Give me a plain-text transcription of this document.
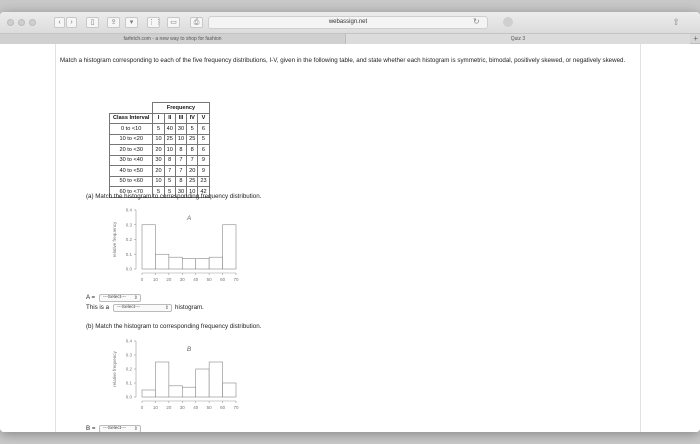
‹	›	▯	⇪	▾	⋮⋮	▭	⎙	webassign.net	↻	⇧
farfetch.com - a new way to shop for fashion	Quiz 3	+
Match a histogram corresponding to each of the five frequency distributions, I-V, given in the following table, and state whether each histogram is symmetric, bimodal, positively skewed, or negatively skewed.
	Frequency				
Class Interval	I	II	III	IV	V
0 to <10	5	40	30	5	6
10 to <20	10	25	10	25	5
20 to <30	20	10	8	8	6
30 to <40	30	8	7	7	9
40 to <50	20	7	7	20	9
50 to <60	10	5	8	25	23
60 to <70	5	5	30	10	42
(a) Match the histogram to corresponding frequency distribution.
0.0
0.1
0.2
0.3
0.4
relative frequency
0 10 20 30 40 50 60 70
A
A =	---Select--- ⇕
This is a	---Select---	⇕ histogram.
(b) Match the histogram to corresponding frequency distribution.
0.0
0.1
0.2
0.3
0.4
relative frequency
0 10 20 30 40 50 60 70
B
B =	---Select--- ⇕
